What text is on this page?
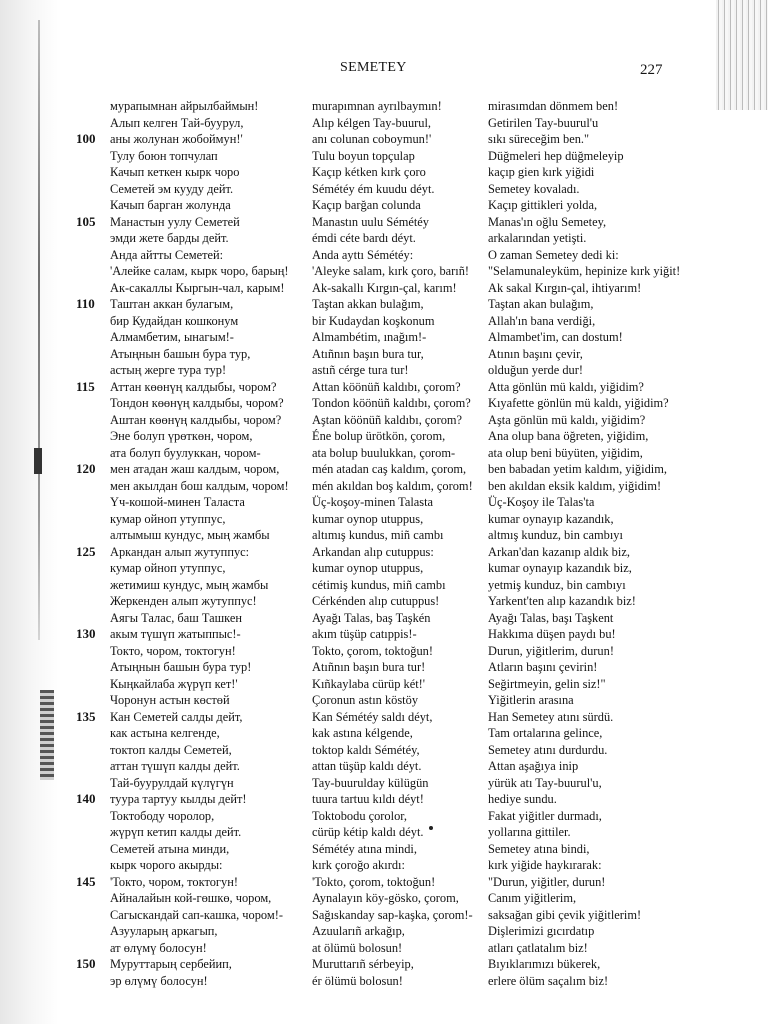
SEMETEY	227
100
105
110
115
120
125
130
135
140
145
150
мурапымнан айрылбаймын!
Алып келген Тай-буурул,
аны жолунан жобоймун!'
Тулу боюн топчулап
Качып кеткен кырк чоро
Семетей эм кууду дейт.
Качып барган жолунда
Манастын уулу Семетей
эмди жете барды дейт.
Анда айтты Семетей:
'Алейке салам, кырк чоро, барың!
Ак-сакаллы Кыргын-чал, карым!
Таштан аккан булагым,
бир Кудайдан кошконум
Алмамбетим, ынагым!-
Атыңнын башын бура тур,
астың жерге тура тур!
Аттан көөнүң калдыбы, чором?
Тондон көөнүң калдыбы, чором?
Аштан көөнүң калдыбы, чором?
Эне болуп үрөткөн, чором,
ата болуп буулуккан, чором-
мен атадан жаш калдым, чором,
мен акылдан бош калдым, чором!
Үч-кошой-минен Таласта
кумар ойноп утуппус,
алтымыш кундус, мың жамбы
Аркандан алып жутуппус:
кумар ойноп утуппус,
жетимиш кундус, мың жамбы
Жеркенден алып жутуппус!
Аягы Талас, баш Ташкен
акым түшүп жатыппыс!-
Токто, чором, токтогун!
Атыңнын башын бура тур!
Кыңкайлаба жүрүп кет!'
Чоронун астын көстөй
Кан Семетей салды дейт,
как астына келгенде,
токтоп калды Семетей,
аттан түшүп калды дейт.
Тай-буурулдай күлүгүн
туура тартуу кылды дейт!
Токтободу чоролор,
жүрүп кетип калды дейт.
Семетей атына минди,
кырк чорого акырды:
'Токто, чором, токтогун!
Айналайын кой-гөшкө, чором,
Сагыскандай сап-кашка, чором!-
Азууларың аркагып,
ат өлүмү болосун!
Муруттарың сербейип,
эр өлүмү болосун!
murapımnan ayrılbaymın!
Alıp kélgen Tay-buurul,
anı colunan coboymun!'
Tulu boyun topçulap
Kaçıp kétken kırk çoro
Sémétéy ém kuudu déyt.
Kaçıp barğan colunda
Manastın uulu Sémétéy
émdi céte bardı déyt.
Anda ayttı Sémétéy:
'Aleyke salam, kırk çoro, barıñ!
Ak-sakallı Kırgın-çal, karım!
Taştan akkan bulağım,
bir Kudaydan koşkonum
Almambétim, ınağım!-
Atıñnın başın bura tur,
astıñ cérge tura tur!
Attan köönüñ kaldıbı, çorom?
Tondon köönüñ kaldıbı, çorom?
Aştan köönüñ kaldıbı, çorom?
Éne bolup ürötkön, çorom,
ata bolup buulukkan, çorom-
mén atadan caş kaldım, çorom,
mén akıldan boş kaldım, çorom!
Üç-koşoy-minen Talasta
kumar oynop utuppus,
altımış kundus, miñ cambı
Arkandan alıp cutuppus:
kumar oynop utuppus,
cétimiş kundus, miñ cambı
Cérkénden alıp cutuppus!
Ayağı Talas, baş Taşkén
akım tüşüp catıppis!-
Tokto, çorom, toktoğun!
Atıñnın başın bura tur!
Kıñkaylaba cürüp két!'
Çoronun astın köstöy
Kan Sémétéy saldı déyt,
kak astına kélgende,
toktop kaldı Sémétéy,
attan tüşüp kaldı déyt.
Tay-buurulday külügün
tuura tartuu kıldı déyt!
Toktobodu çorolor,
cürüp kétip kaldı déyt.
Sémétéy atına mindi,
kırk çoroğo akırdı:
'Tokto, çorom, toktoğun!
Aynalayın köy-gösko, çorom,
Sağıskanday sap-kaşka, çorom!-
Azuularıñ arkağıp,
at ölümü bolosun!
Muruttarıñ sérbeyip,
ér ölümü bolosun!
mirasımdan dönmem ben!
Getirilen Tay-buurul'u
sıkı süreceğim ben."
Düğmeleri hep düğmeleyip
kaçıp gien kırk yiğidi
Semetey kovaladı.
Kaçıp gittikleri yolda,
Manas'ın oğlu Semetey,
arkalarından yetişti.
O zaman Semetey dedi ki:
"Selamunaleyküm, hepinize kırk yiğit!
Ak sakal Kırgın-çal, ihtiyarım!
Taştan akan bulağım,
Allah'ın bana verdiği,
Almambet'im, can dostum!
Atının başını çevir,
olduğun yerde dur!
Atta gönlün mü kaldı, yiğidim?
Kıyafette gönlün mü kaldı, yiğidim?
Aşta gönlün mü kaldı, yiğidim?
Ana olup bana öğreten, yiğidim,
ata olup beni büyüten, yiğidim,
ben babadan yetim kaldım, yiğidim,
ben akıldan eksik kaldım, yiğidim!
Üç-Koşoy ile Talas'ta
kumar oynayıp kazandık,
altmış kunduz, bin cambıyı
Arkan'dan kazanıp aldık biz,
kumar oynayıp kazandık biz,
yetmiş kunduz, bin cambıyı
Yarkent'ten alıp kazandık biz!
Ayağı Talas, başı Taşkent
Hakkıma düşen paydı bu!
Durun, yiğitlerim, durun!
Atların başını çevirin!
Seğirtmeyin, gelin siz!"
Yiğitlerin arasına
Han Semetey atını sürdü.
Tam ortalarına gelince,
Semetey atını durdurdu.
Attan aşağıya inip
yürük atı Tay-buurul'u,
hediye sundu.
Fakat yiğitler durmadı,
yollarına gittiler.
Semetey atına bindi,
kırk yiğide haykırarak:
"Durun, yiğitler, durun!
Canım yiğitlerim,
saksağan gibi çevik yiğitlerim!
Dişlerimizi gıcırdatıp
atları çatlatalım biz!
Bıyıklarımızı bükerek,
erlere ölüm saçalım biz!
